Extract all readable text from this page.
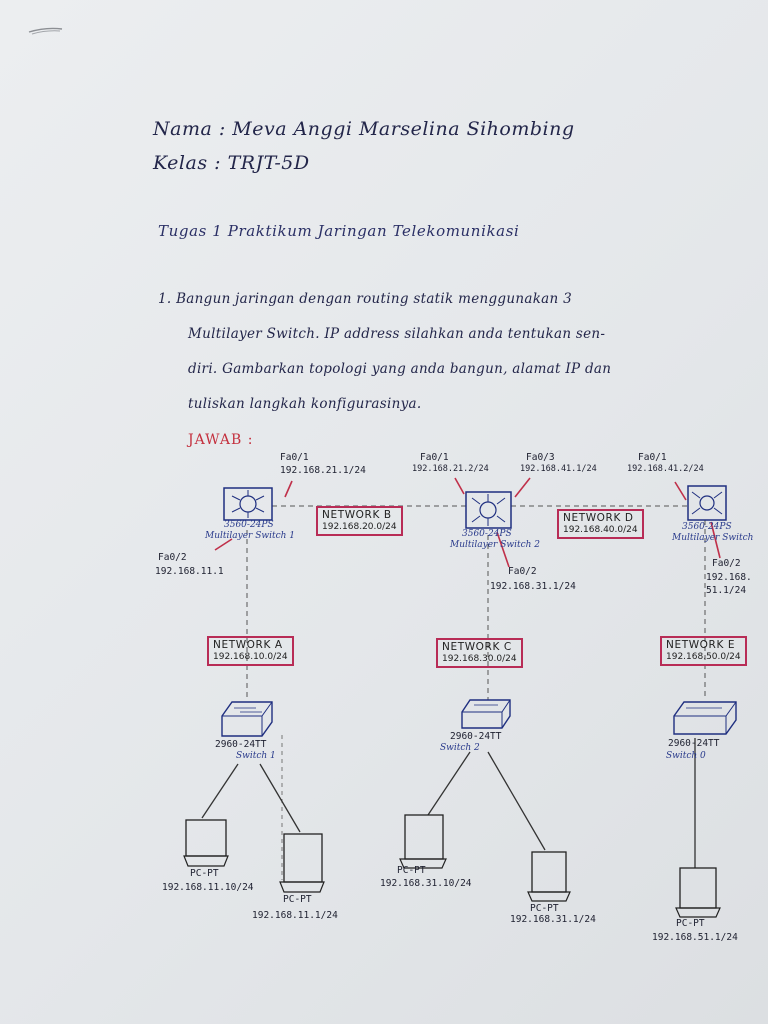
Nama : Meva Anggi Marselina Sihombing
Kelas : TRJT-5D
Tugas 1 Praktikum Jaringan Telekomunikasi
1. Bangun jaringan dengan routing statik menggunakan 3
Multilayer Switch. IP address silahkan anda tentukan sen-
diri. Gambarkan topologi yang anda bangun, alamat IP dan
tuliskan langkah konfigurasinya.
JAWAB :
Fa0/1
192.168.21.1/24
3560-24PS
Multilayer Switch 1
Fa0/2
192.168.11.1
Fa0/1
192.168.21.2/24
Fa0/3
192.168.41.1/24
3560-24PS
Multilayer Switch 2
Fa0/2
192.168.31.1/24
Fa0/1
192.168.41.2/24
3560-24PS
Multilayer Switch
Fa0/2
192.168.
51.1/24
NETWORK B
192.168.20.0/24
NETWORK D
192.168.40.0/24
NETWORK A
192.168.10.0/24
NETWORK C
192.168.30.0/24
NETWORK E
192.168.50.0/24
2960-24TT
Switch 1
2960-24TT
Switch 2	2960-24TT
Switch 0
PC-PT
192.168.11.10/24
PC-PT
192.168.11.1/24
PC-PT
192.168.31.10/24
PC-PT
192.168.31.1/24	PC-PT
192.168.51.1/24
